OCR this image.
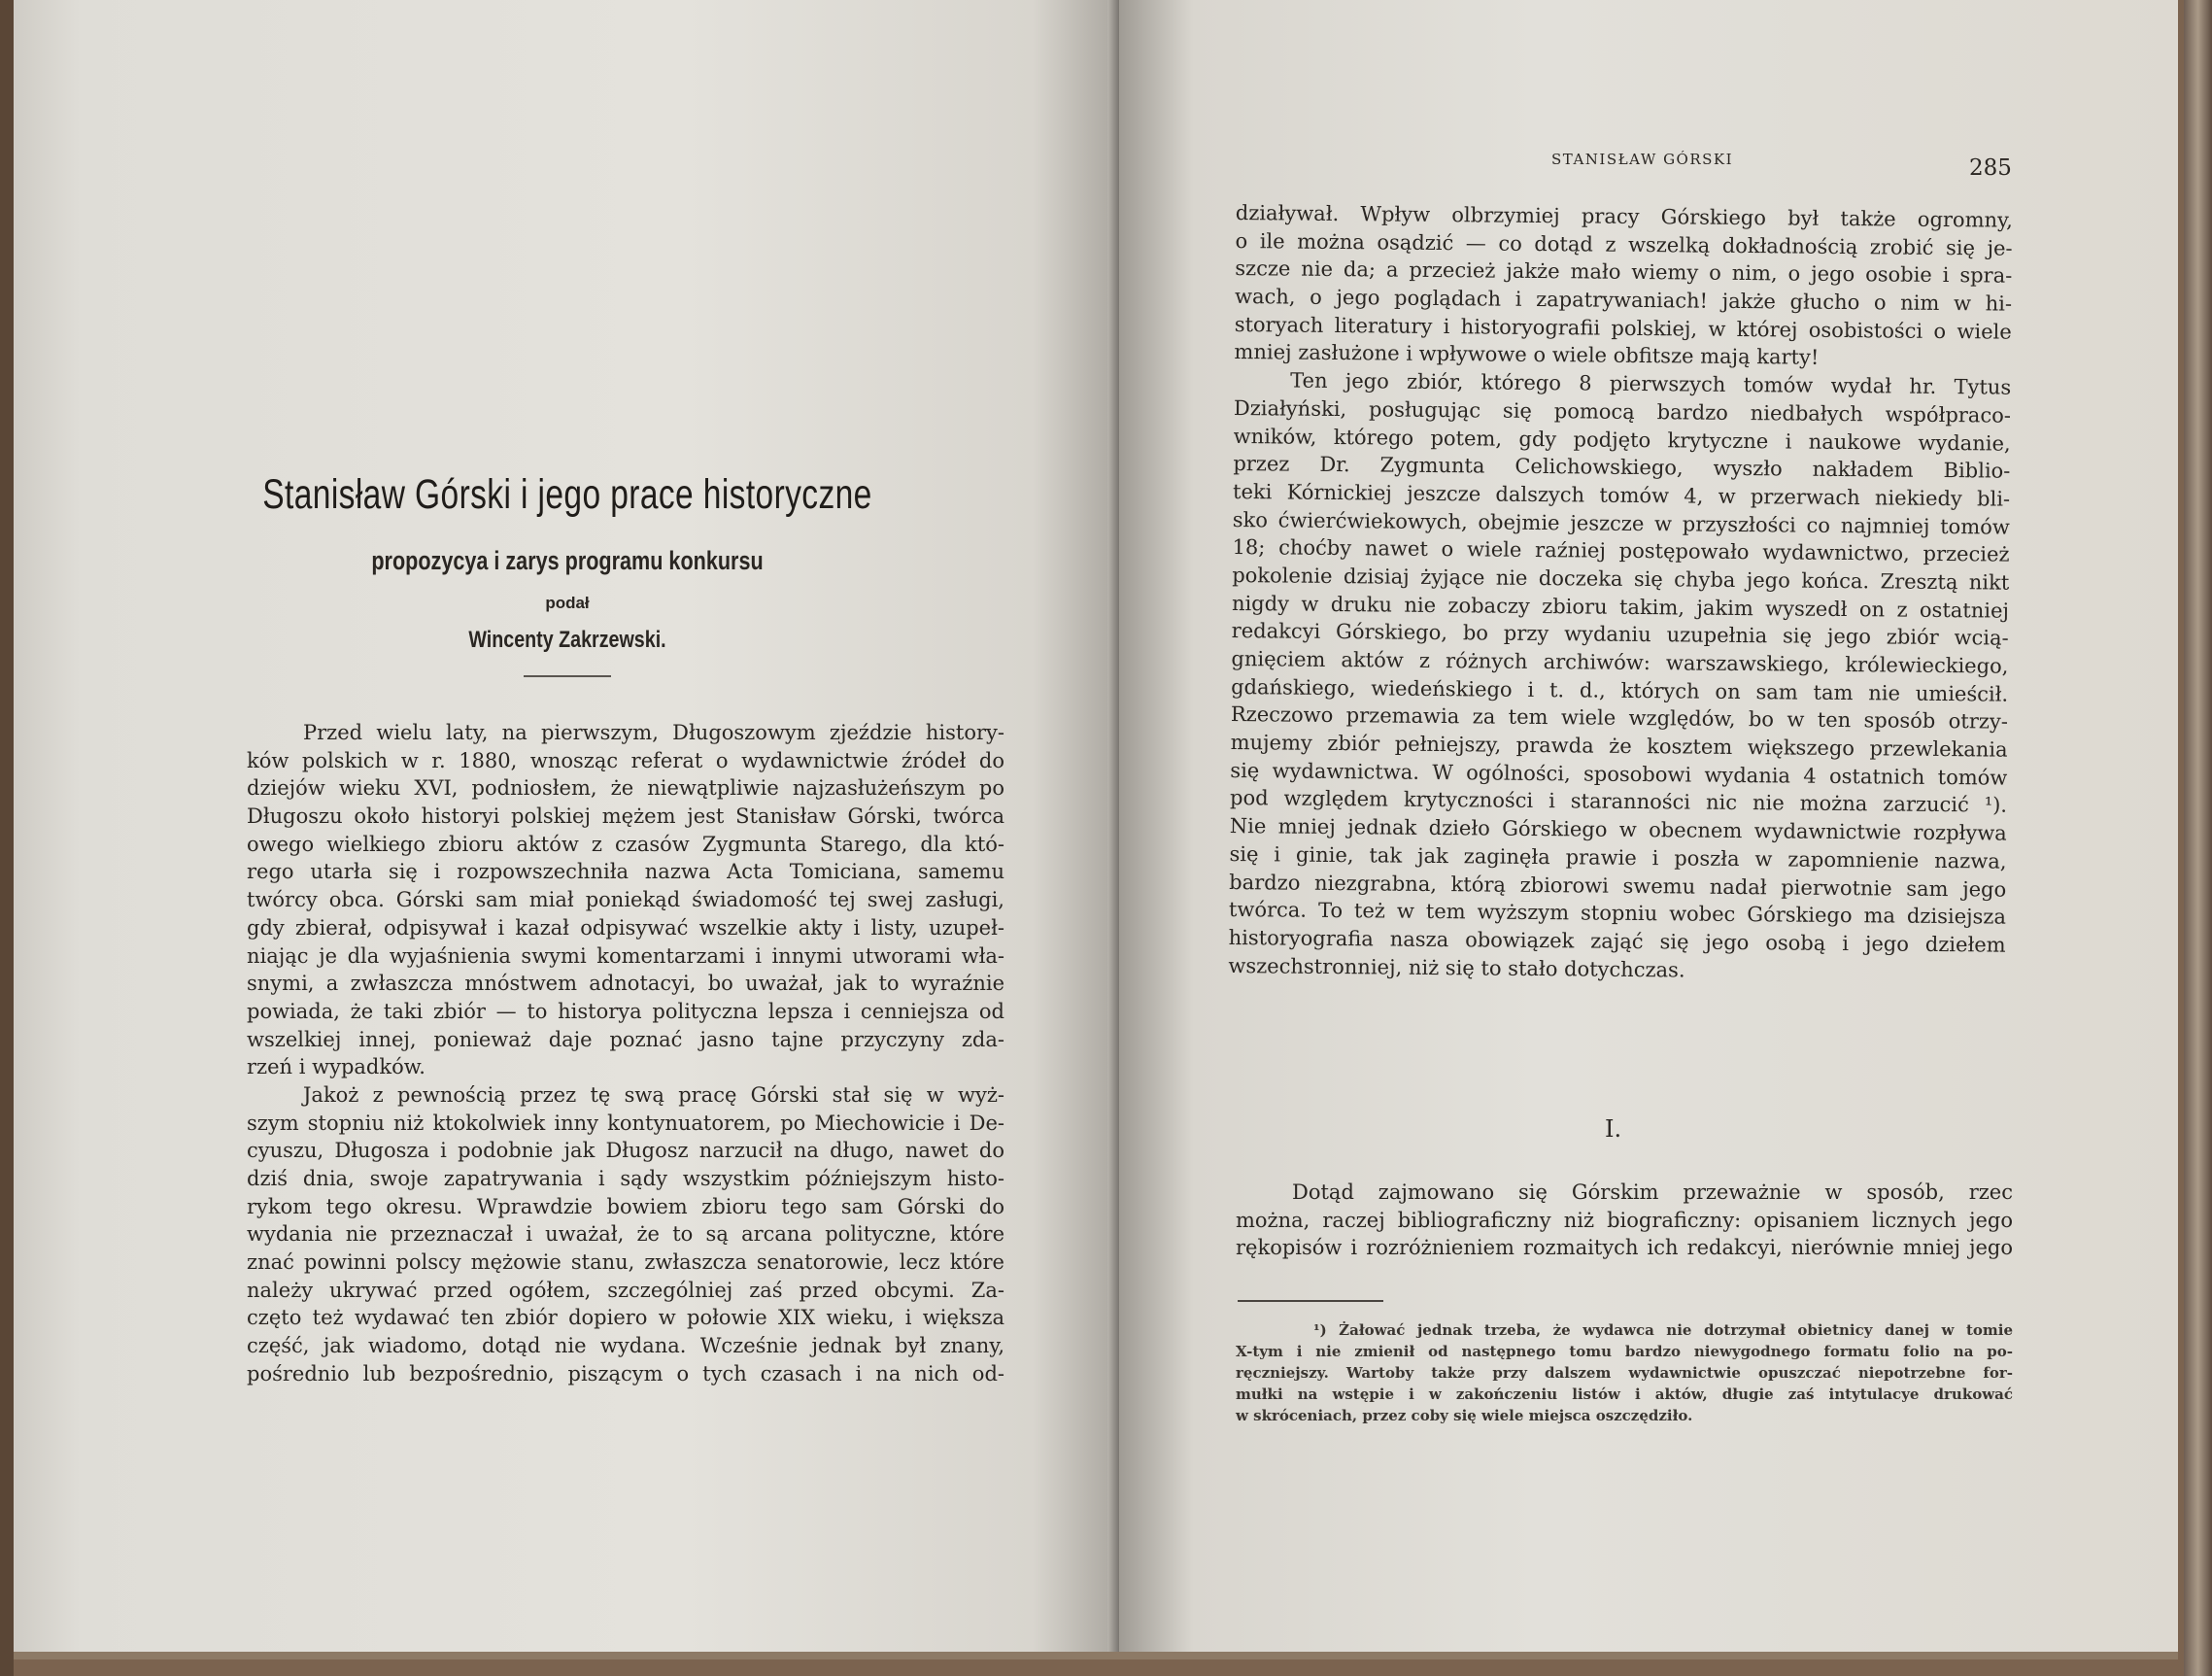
Stanisław Górski i jego prace historyczne
propozycya i zarys programu konkursu
podał
Wincenty Zakrzewski.
Przed wielu laty, na pierwszym, Długoszowym zjeździe history-
ków polskich w r. 1880, wnosząc referat o wydawnictwie źródeł do
dziejów wieku XVI, podniosłem, że niewątpliwie najzasłużeńszym po
Długoszu około historyi polskiej mężem jest Stanisław Górski, twórca
owego wielkiego zbioru aktów z czasów Zygmunta Starego, dla któ-
rego utarła się i rozpowszechniła nazwa Acta Tomiciana, samemu
twórcy obca. Górski sam miał poniekąd świadomość tej swej zasługi,
gdy zbierał, odpisywał i kazał odpisywać wszelkie akty i listy, uzupeł-
niając je dla wyjaśnienia swymi komentarzami i innymi utworami wła-
snymi, a zwłaszcza mnóstwem adnotacyi, bo uważał, jak to wyraźnie
powiada, że taki zbiór — to historya polityczna lepsza i cenniejsza od
wszelkiej innej, ponieważ daje poznać jasno tajne przyczyny zda-
rzeń i wypadków.
Jakoż z pewnością przez tę swą pracę Górski stał się w wyż-
szym stopniu niż ktokolwiek inny kontynuatorem, po Miechowicie i De-
cyuszu, Długosza i podobnie jak Długosz narzucił na długo, nawet do
dziś dnia, swoje zapatrywania i sądy wszystkim późniejszym histo-
rykom tego okresu. Wprawdzie bowiem zbioru tego sam Górski do
wydania nie przeznaczał i uważał, że to są arcana polityczne, które
znać powinni polscy mężowie stanu, zwłaszcza senatorowie, lecz które
należy ukrywać przed ogółem, szczególniej zaś przed obcymi. Za-
częto też wydawać ten zbiór dopiero w połowie XIX wieku, i większa
część, jak wiadomo, dotąd nie wydana. Wcześnie jednak był znany,
pośrednio lub bezpośrednio, piszącym o tych czasach i na nich od-
STANISŁAW GÓRSKI	285
działywał. Wpływ olbrzymiej pracy Górskiego był także ogromny,
o ile można osądzić — co dotąd z wszelką dokładnością zrobić się je-
szcze nie da; a przecież jakże mało wiemy o nim, o jego osobie i spra-
wach, o jego poglądach i zapatrywaniach! jakże głucho o nim w hi-
storyach literatury i historyografii polskiej, w której osobistości o wiele
mniej zasłużone i wpływowe o wiele obfitsze mają karty!
Ten jego zbiór, którego 8 pierwszych tomów wydał hr. Tytus
Działyński, posługując się pomocą bardzo niedbałych współpraco-
wników, którego potem, gdy podjęto krytyczne i naukowe wydanie,
przez Dr. Zygmunta Celichowskiego, wyszło nakładem Biblio-
teki Kórnickiej jeszcze dalszych tomów 4, w przerwach niekiedy bli-
sko ćwierćwiekowych, obejmie jeszcze w przyszłości co najmniej tomów
18; choćby nawet o wiele raźniej postępowało wydawnictwo, przecież
pokolenie dzisiaj żyjące nie doczeka się chyba jego końca. Zresztą nikt
nigdy w druku nie zobaczy zbioru takim, jakim wyszedł on z ostatniej
redakcyi Górskiego, bo przy wydaniu uzupełnia się jego zbiór wcią-
gnięciem aktów z różnych archiwów: warszawskiego, królewieckiego,
gdańskiego, wiedeńskiego i t. d., których on sam tam nie umieścił.
Rzeczowo przemawia za tem wiele względów, bo w ten sposób otrzy-
mujemy zbiór pełniejszy, prawda że kosztem większego przewlekania
się wydawnictwa. W ogólności, sposobowi wydania 4 ostatnich tomów
pod względem krytyczności i staranności nic nie można zarzucić ¹).
Nie mniej jednak dzieło Górskiego w obecnem wydawnictwie rozpływa
się i ginie, tak jak zaginęła prawie i poszła w zapomnienie nazwa,
bardzo niezgrabna, którą zbiorowi swemu nadał pierwotnie sam jego
twórca. To też w tem wyższym stopniu wobec Górskiego ma dzisiejsza
historyografia nasza obowiązek zająć się jego osobą i jego dziełem
wszechstronniej, niż się to stało dotychczas.
I.
Dotąd zajmowano się Górskim przeważnie w sposób, rzec
można, raczej bibliograficzny niż biograficzny: opisaniem licznych jego
rękopisów i rozróżnieniem rozmaitych ich redakcyi, nierównie mniej jego
¹) Żałować jednak trzeba, że wydawca nie dotrzymał obietnicy danej w tomie
X-tym i nie zmienił od następnego tomu bardzo niewygodnego formatu folio na po-
ręczniejszy. Wartoby także przy dalszem wydawnictwie opuszczać niepotrzebne for-
mułki na wstępie i w zakończeniu listów i aktów, długie zaś intytulacye drukować
w skróceniach, przez coby się wiele miejsca oszczędziło.
